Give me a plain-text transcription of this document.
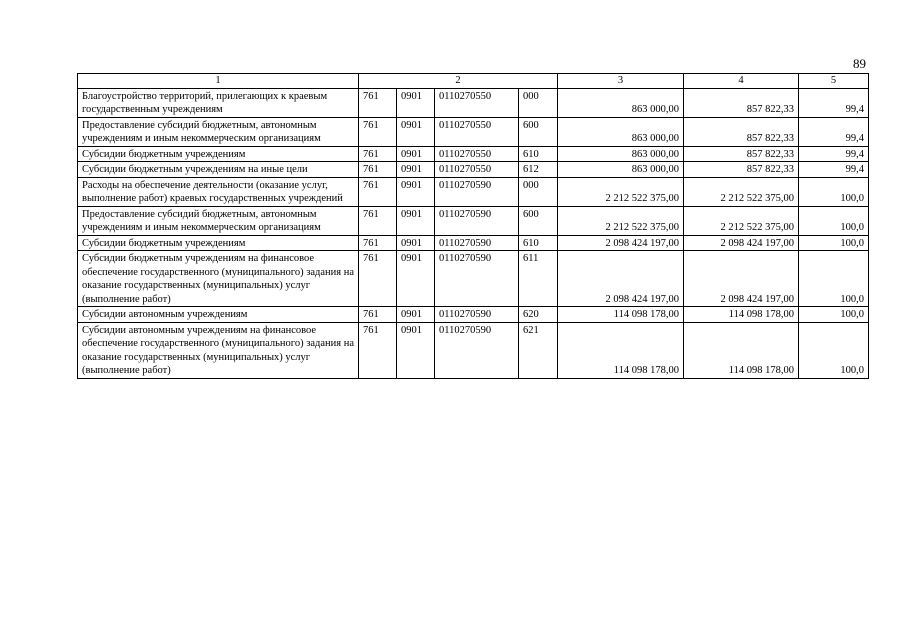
89
1	2				3	4	5
Благоустройство территорий, прилегающих к краевым государственным учреждениям	761	0901	0110270550	000	863 000,00	857 822,33	99,4
Предоставление субсидий бюджетным, автономным учреждениям и иным некоммерческим организациям	761	0901	0110270550	600	863 000,00	857 822,33	99,4
Субсидии бюджетным учреждениям	761	0901	0110270550	610	863 000,00	857 822,33	99,4
Субсидии бюджетным учреждениям на иные цели	761	0901	0110270550	612	863 000,00	857 822,33	99,4
Расходы на обеспечение деятельности (оказание услуг, выполнение работ) краевых государственных учреждений	761	0901	0110270590	000	2 212 522 375,00	2 212 522 375,00	100,0
Предоставление субсидий бюджетным, автономным учреждениям и иным некоммерческим организациям	761	0901	0110270590	600	2 212 522 375,00	2 212 522 375,00	100,0
Субсидии бюджетным учреждениям	761	0901	0110270590	610	2 098 424 197,00	2 098 424 197,00	100,0
Субсидии бюджетным учреждениям на финансовое обеспечение государственного (муниципального) задания на оказание государственных (муниципальных) услуг (выполнение работ)	761	0901	0110270590	611	2 098 424 197,00	2 098 424 197,00	100,0
Субсидии автономным учреждениям	761	0901	0110270590	620	114 098 178,00	114 098 178,00	100,0
Субсидии автономным учреждениям на финансовое обеспечение государственного (муниципального) задания на оказание государственных (муниципальных) услуг (выполнение работ)	761	0901	0110270590	621	114 098 178,00	114 098 178,00	100,0
